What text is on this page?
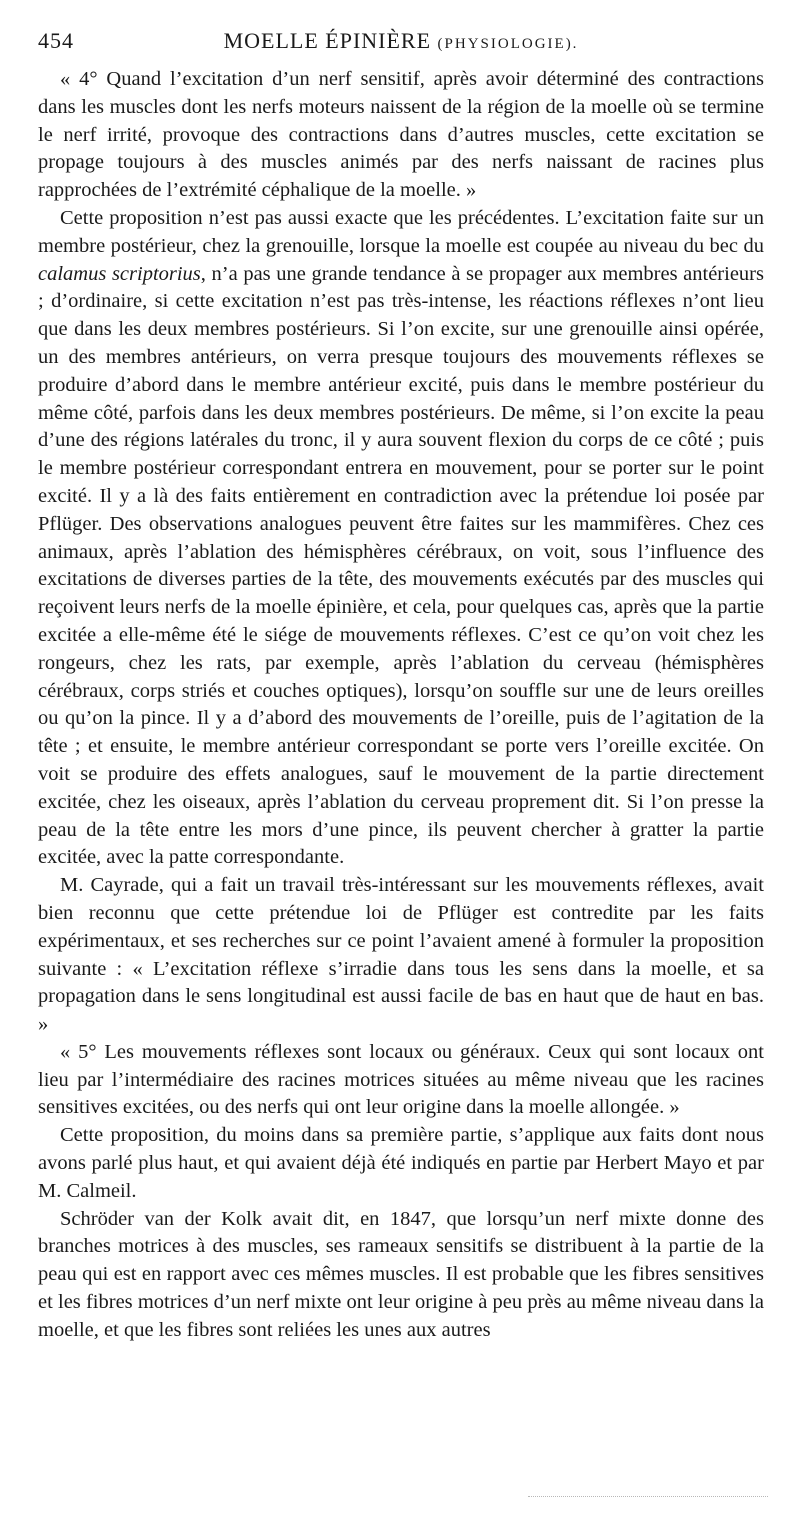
454	MOELLE ÉPINIÈRE (PHYSIOLOGIE).

« 4° Quand l’excitation d’un nerf sensitif, après avoir déterminé des contractions dans les muscles dont les nerfs moteurs naissent de la région de la moelle où se termine le nerf irrité, provoque des contractions dans d’autres muscles, cette excitation se propage toujours à des muscles animés par des nerfs naissant de racines plus rapprochées de l’extrémité céphalique de la moelle. »

Cette proposition n’est pas aussi exacte que les précédentes. L’excitation faite sur un membre postérieur, chez la grenouille, lorsque la moelle est coupée au niveau du bec du calamus scriptorius, n’a pas une grande tendance à se propager aux membres antérieurs ; d’ordinaire, si cette excitation n’est pas très-intense, les réactions réflexes n’ont lieu que dans les deux membres postérieurs. Si l’on excite, sur une grenouille ainsi opérée, un des membres antérieurs, on verra presque toujours des mouvements réflexes se produire d’abord dans le membre antérieur excité, puis dans le membre postérieur du même côté, parfois dans les deux membres postérieurs. De même, si l’on excite la peau d’une des régions latérales du tronc, il y aura souvent flexion du corps de ce côté ; puis le membre postérieur correspondant entrera en mouvement, pour se porter sur le point excité. Il y a là des faits entièrement en contradiction avec la prétendue loi posée par Pflüger. Des observations analogues peuvent être faites sur les mammifères. Chez ces animaux, après l’ablation des hémisphères cérébraux, on voit, sous l’influence des excitations de diverses parties de la tête, des mouvements exécutés par des muscles qui reçoivent leurs nerfs de la moelle épinière, et cela, pour quelques cas, après que la partie excitée a elle-même été le siége de mouvements réflexes. C’est ce qu’on voit chez les rongeurs, chez les rats, par exemple, après l’ablation du cerveau (hémisphères cérébraux, corps striés et couches optiques), lorsqu’on souffle sur une de leurs oreilles ou qu’on la pince. Il y a d’abord des mouvements de l’oreille, puis de l’agitation de la tête ; et ensuite, le membre antérieur correspondant se porte vers l’oreille excitée. On voit se produire des effets analogues, sauf le mouvement de la partie directement excitée, chez les oiseaux, après l’ablation du cerveau proprement dit. Si l’on presse la peau de la tête entre les mors d’une pince, ils peuvent chercher à gratter la partie excitée, avec la patte correspondante.

M. Cayrade, qui a fait un travail très-intéressant sur les mouvements réflexes, avait bien reconnu que cette prétendue loi de Pflüger est contredite par les faits expérimentaux, et ses recherches sur ce point l’avaient amené à formuler la proposition suivante : « L’excitation réflexe s’irradie dans tous les sens dans la moelle, et sa propagation dans le sens longitudinal est aussi facile de bas en haut que de haut en bas. »

« 5° Les mouvements réflexes sont locaux ou généraux. Ceux qui sont locaux ont lieu par l’intermédiaire des racines motrices situées au même niveau que les racines sensitives excitées, ou des nerfs qui ont leur origine dans la moelle allongée. »

Cette proposition, du moins dans sa première partie, s’applique aux faits dont nous avons parlé plus haut, et qui avaient déjà été indiqués en partie par Herbert Mayo et par M. Calmeil.

Schröder van der Kolk avait dit, en 1847, que lorsqu’un nerf mixte donne des branches motrices à des muscles, ses rameaux sensitifs se distribuent à la partie de la peau qui est en rapport avec ces mêmes muscles. Il est probable que les fibres sensitives et les fibres motrices d’un nerf mixte ont leur origine à peu près au même niveau dans la moelle, et que les fibres sont reliées les unes aux autres
